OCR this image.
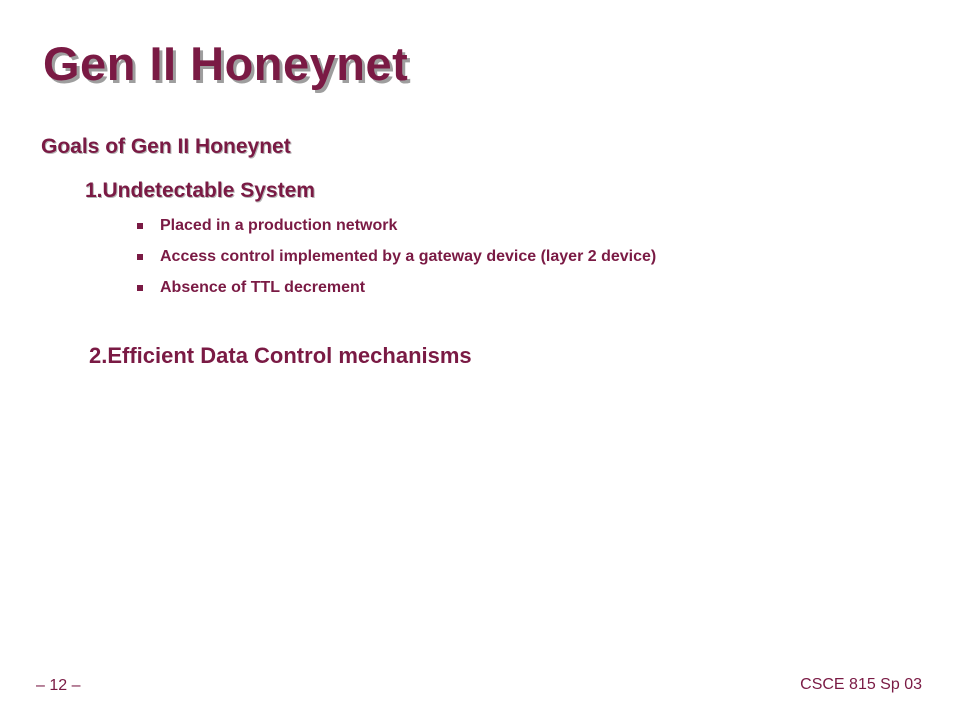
Gen II Honeynet
Goals of Gen II Honeynet
1.Undetectable System
Placed in a production network
Access control implemented by a gateway device (layer 2 device)
Absence of TTL decrement
2.Efficient Data Control mechanisms
– 12 –	CSCE 815 Sp 03
